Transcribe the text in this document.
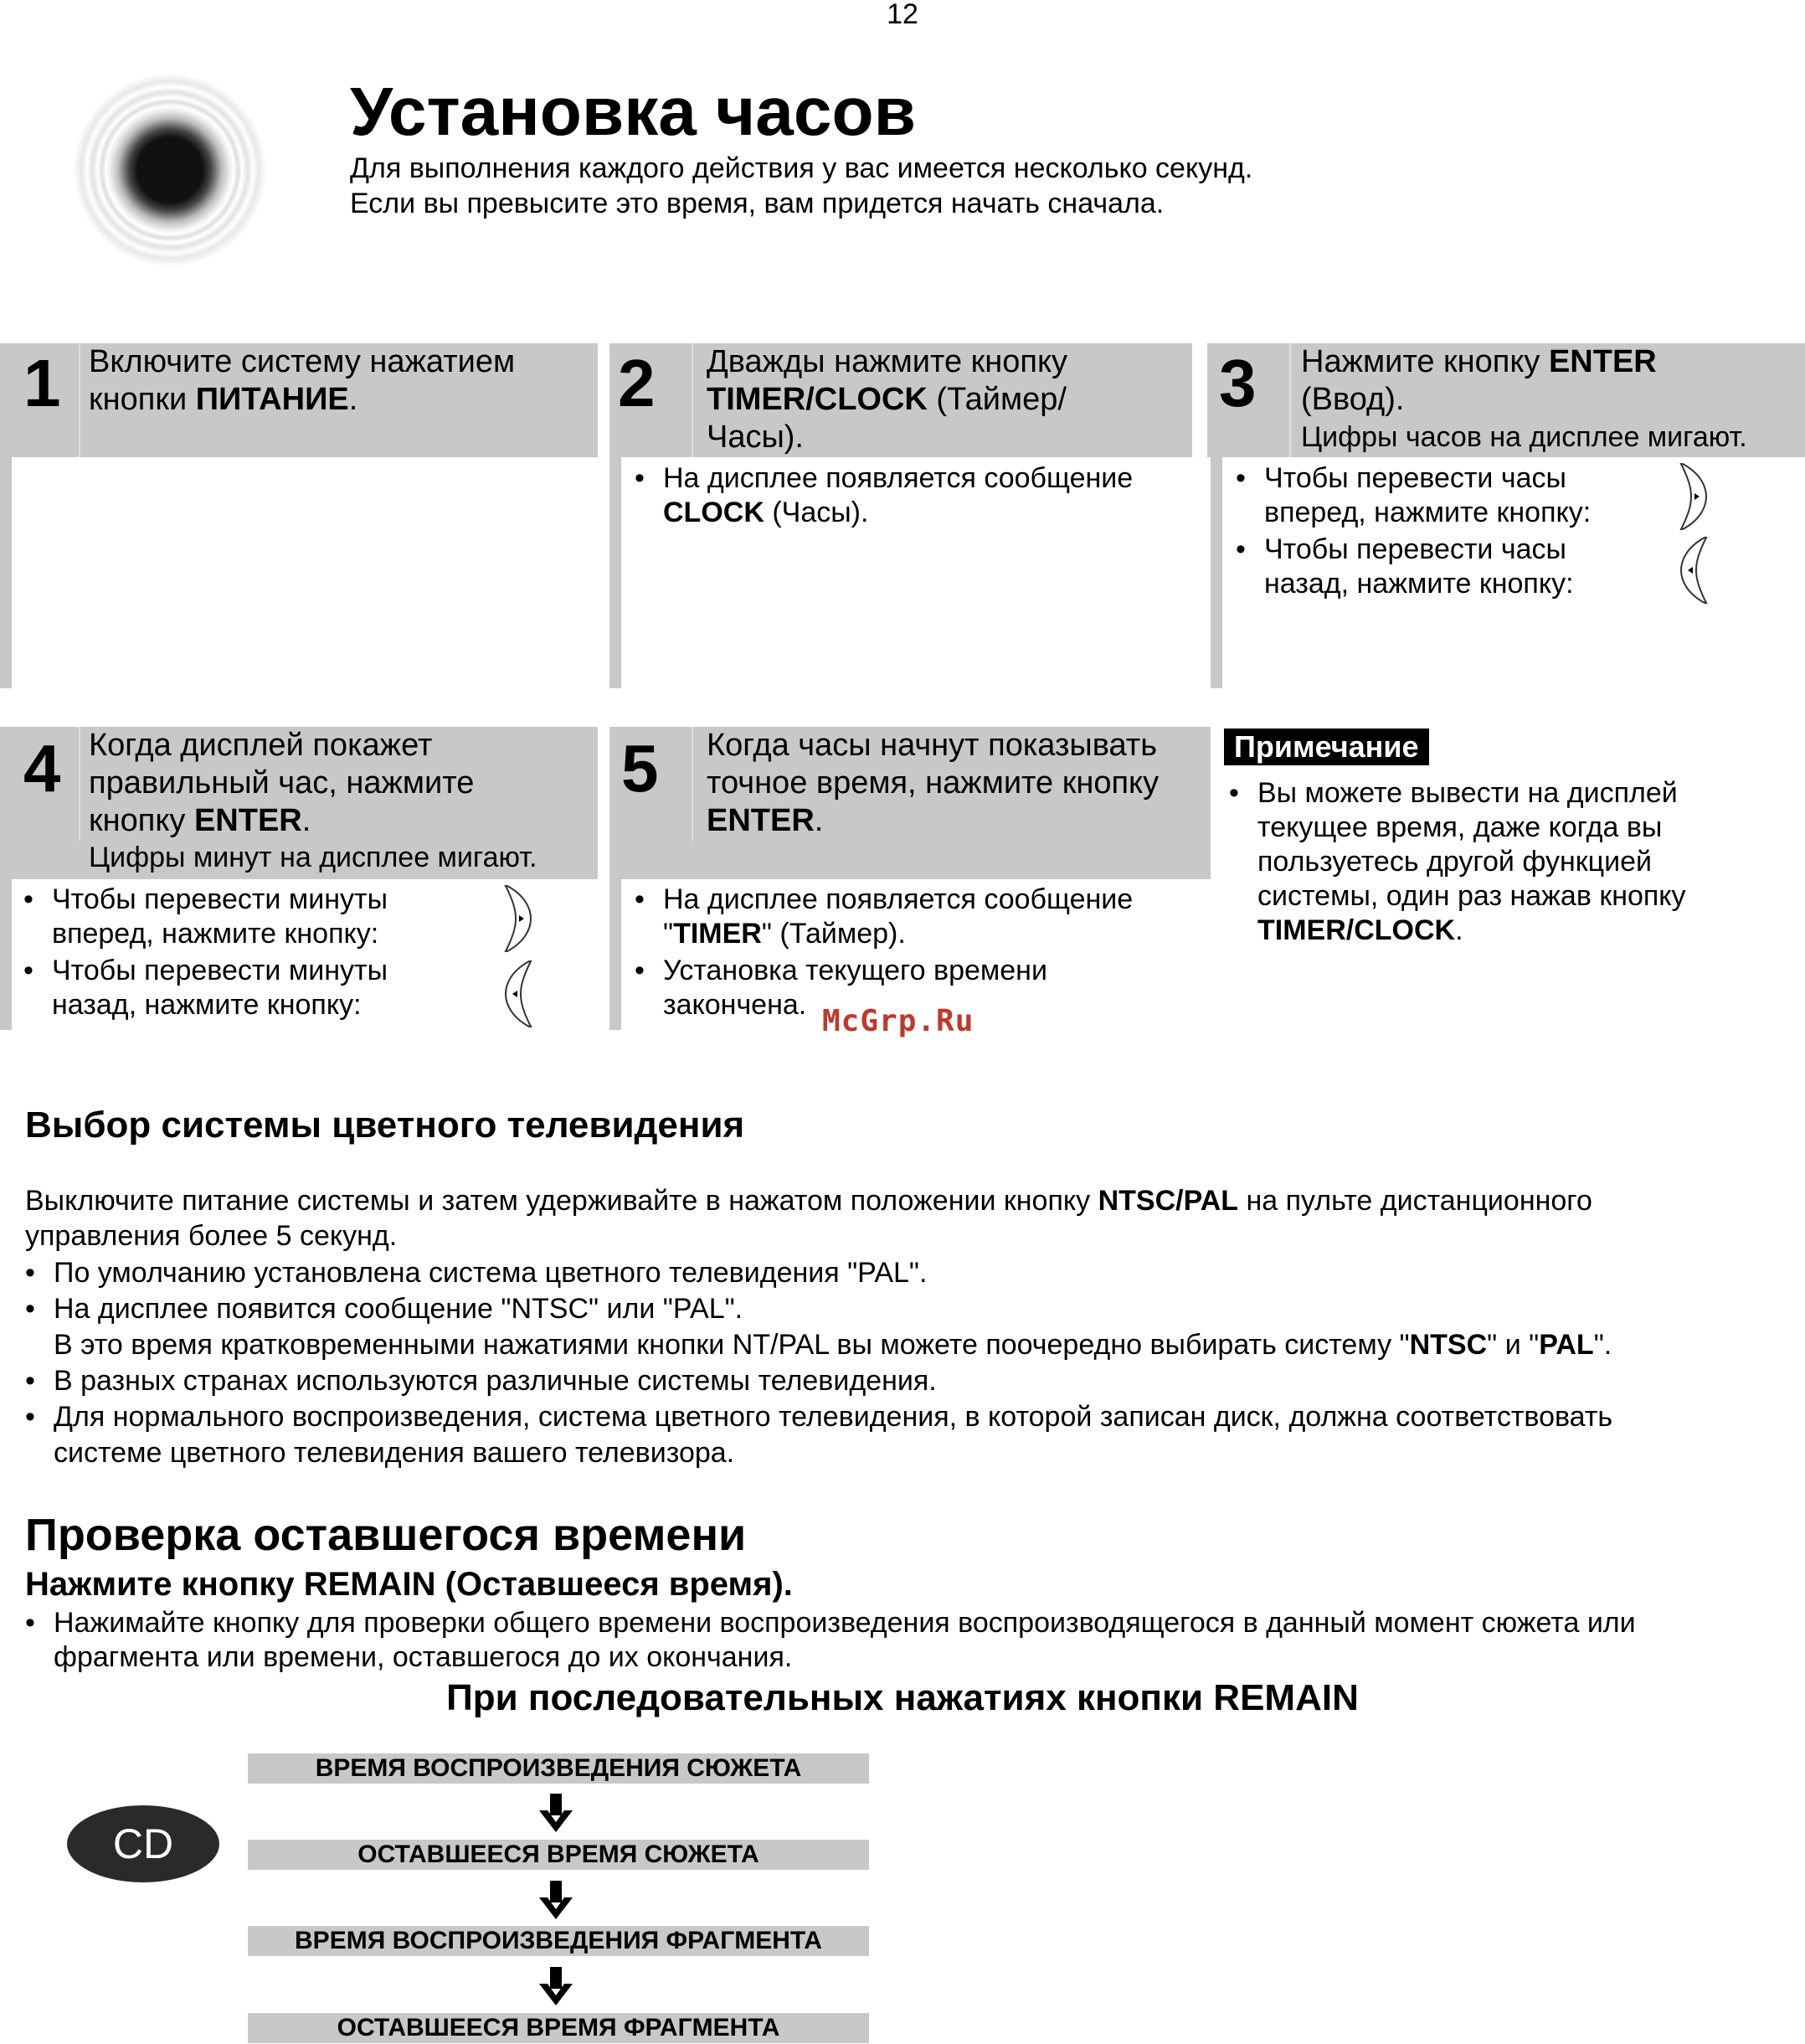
12
Установка часов
Для выполнения каждого действия у вас имеется несколько секунд.
Если вы превысите это время, вам придется начать сначала.
1 Включите систему нажатием
кнопки ПИТАНИЕ.	2 Дважды нажмите кнопку
TIMER/CLOCK (Таймер/
Часы).
• На дисплее появляется сообщение
CLOCK (Часы).
3 Нажмите кнопку ENTER
(Ввод).
Цифры часов на дисплее мигают.
• Чтобы перевести часы
вперед, нажмите кнопку:
• Чтобы перевести часы
назад, нажмите кнопку:
4 Когда дисплей покажет
правильный час, нажмите
кнопку ENTER.
Цифры минут на дисплее мигают.
• Чтобы перевести минуты
вперед, нажмите кнопку:
• Чтобы перевести минуты
назад, нажмите кнопку:
5 Когда часы начнут показывать
точное время, нажмите кнопку
ENTER.
• На дисплее появляется сообщение
"TIMER" (Таймер).
• Установка текущего времени
закончена. McGrp.Ru
Примечание
• Вы можете вывести на дисплей
текущее время, даже когда вы
пользуетесь другой функцией
системы, один раз нажав кнопку
TIMER/CLOCK.
Выбор системы цветного телевидения
Выключите питание системы и затем удерживайте в нажатом положении кнопку NTSC/PAL на пульте дистанционного
управления более 5 секунд.
• По умолчанию установлена система цветного телевидения "PAL".
• На дисплее появится сообщение "NTSC" или "PAL".
В это время кратковременными нажатиями кнопки NT/PAL вы можете поочередно выбирать систему "NTSC" и "PAL".
• В разных странах используются различные системы телевидения.
• Для нормального воспроизведения, система цветного телевидения, в которой записан диск, должна соответствовать
системе цветного телевидения вашего телевизора.
Проверка оставшегося времени
Нажмите кнопку REMAIN (Оставшееся время).
• Нажимайте кнопку для проверки общего времени воспроизведения воспроизводящегося в данный момент сюжета или
фрагмента или времени, оставшегося до их окончания.
При последовательных нажатиях кнопки REMAIN
CD
ВРЕМЯ ВОСПРОИЗВЕДЕНИЯ СЮЖЕТА
ОСТАВШЕЕСЯ ВРЕМЯ СЮЖЕТА
ВРЕМЯ ВОСПРОИЗВЕДЕНИЯ ФРАГМЕНТА
ОСТАВШЕЕСЯ ВРЕМЯ ФРАГМЕНТА
